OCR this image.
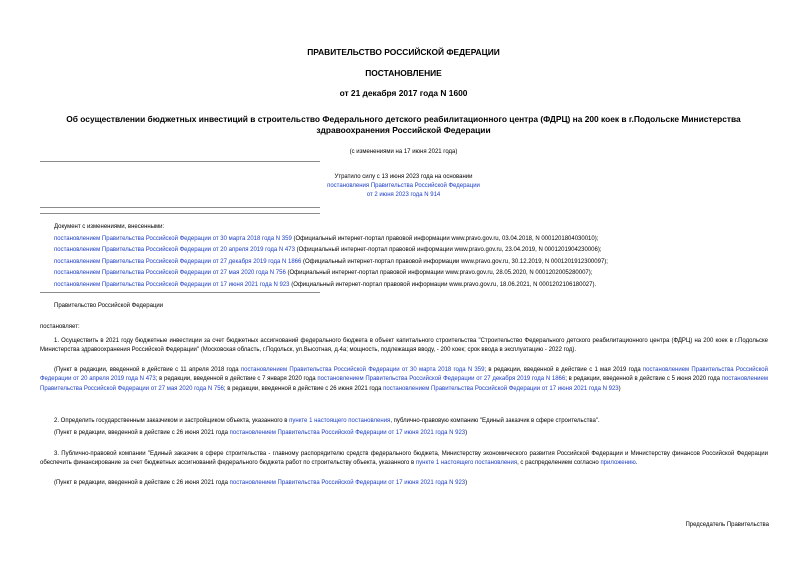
ПРАВИТЕЛЬСТВО РОССИЙСКОЙ ФЕДЕРАЦИИ
ПОСТАНОВЛЕНИЕ
от 21 декабря 2017 года N 1600
Об осуществлении бюджетных инвестиций в строительство Федерального детского реабилитационного центра (ФДРЦ) на 200 коек в г.Подольске Министерства здравоохранения Российской Федерации
(с изменениями на 17 июня 2021 года)
Утратило силу с 13 июня 2023 года на основании
постановления Правительства Российской Федерации
от 2 июня 2023 года N 914
Документ с изменениями, внесенными:
постановлением Правительства Российской Федерации от 30 марта 2018 года N 359 (Официальный интернет-портал правовой информации www.pravo.gov.ru, 03.04.2018, N 0001201804030010);
постановлением Правительства Российской Федерации от 20 апреля 2019 года N 473 (Официальный интернет-портал правовой информации www.pravo.gov.ru, 23.04.2019, N 0001201904230006);
постановлением Правительства Российской Федерации от 27 декабря 2019 года N 1866 (Официальный интернет-портал правовой информации www.pravo.gov.ru, 30.12.2019, N 0001201912300097);
постановлением Правительства Российской Федерации от 27 мая 2020 года N 756 (Официальный интернет-портал правовой информации www.pravo.gov.ru, 28.05.2020, N 0001202005280007);
постановлением Правительства Российской Федерации от 17 июня 2021 года N 923 (Официальный интернет-портал правовой информации www.pravo.gov.ru, 18.06.2021, N 0001202106180027).
Правительство Российской Федерации
постановляет:
1. Осуществить в 2021 году бюджетные инвестиции за счет бюджетных ассигнований федерального бюджета в объект капитального строительства "Строительство Федерального детского реабилитационного центра (ФДРЦ) на 200 коек в г.Подольске Министерства здравоохранения Российской Федерации" (Московская область, г.Подольск, ул.Высотная, д.4а; мощность, подлежащая вводу, - 200 коек; срок ввода в эксплуатацию - 2022 год).
(Пункт в редакции, введенной в действие с 11 апреля 2018 года постановлением Правительства Российской Федерации от 30 марта 2018 года N 359; в редакции, введенной в действие с 1 мая 2019 года постановлением Правительства Российской Федерации от 20 апреля 2019 года N 473; в редакции, введенной в действие с 7 января 2020 года постановлением Правительства Российской Федерации от 27 декабря 2019 года N 1866; в редакции, введенной в действие с 5 июня 2020 года постановлением Правительства Российской Федерации от 27 мая 2020 года N 756; в редакции, введенной в действие с 26 июня 2021 года постановлением Правительства Российской Федерации от 17 июня 2021 года N 923)
2. Определить государственным заказчиком и застройщиком объекта, указанного в пункте 1 настоящего постановления, публично-правовую компанию "Единый заказчик в сфере строительства".
(Пункт в редакции, введенной в действие с 26 июня 2021 года постановлением Правительства Российской Федерации от 17 июня 2021 года N 923)
3. Публично-правовой компании "Единый заказчик в сфере строительства - главному распорядителю средств федерального бюджета, Министерству экономического развития Российской Федерации и Министерству финансов Российской Федерации обеспечить финансирование за счет бюджетных ассигнований федерального бюджета работ по строительству объекта, указанного в пункте 1 настоящего постановления, с распределением согласно приложению.
(Пункт в редакции, введенной в действие с 26 июня 2021 года постановлением Правительства Российской Федерации от 17 июня 2021 года N 923)
Председатель Правительства
